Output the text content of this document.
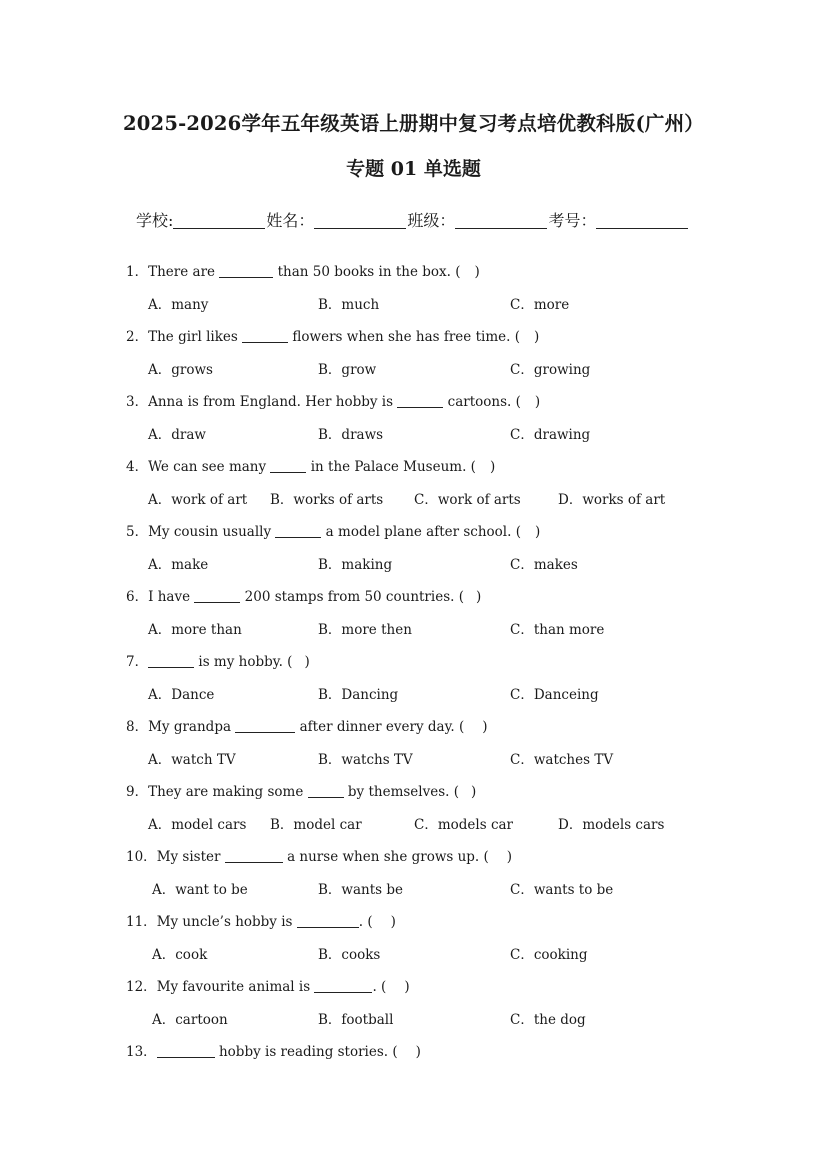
2025-2026学年五年级英语上册期中复习考点培优教科版(广州）
专题 01 单选题
学校:	姓名：	班级：	考号：
1．There are	than 50 books in the box. ( )
A．many	B．much	C．more
2．The girl likes	flowers when she has free time. ( )
A．grows	B．grow	C．growing
3．Anna is from England. Her hobby is	cartoons. ( )
A．draw	B．draws	C．drawing
4．We can see many	in the Palace Museum. ( )
A．work of art B．works of arts C．work of arts	D．works of art
5．My cousin usually	a model plane after school. ( )
A．make	B．making	C．makes
6．I have	200 stamps from 50 countries. ( )
A．more than	B．more then	C．than more
7．	is my hobby. ( )
A．Dance	B．Dancing	C．Danceing
8．My grandpa	after dinner every day. ( )
A．watch TV	B．watchs TV	C．watches TV
9．They are making some	by themselves. ( )
A．model cars B．model car	C．models car	D．models cars
10．My sister	a nurse when she grows up. ( )
A．want to be	B．wants be	C．wants to be
11．My uncle’s hobby is	. ( )
A．cook	B．cooks	C．cooking
12．My favourite animal is	. ( )
A．cartoon	B．football	C．the dog
13．	hobby is reading stories. ( )
